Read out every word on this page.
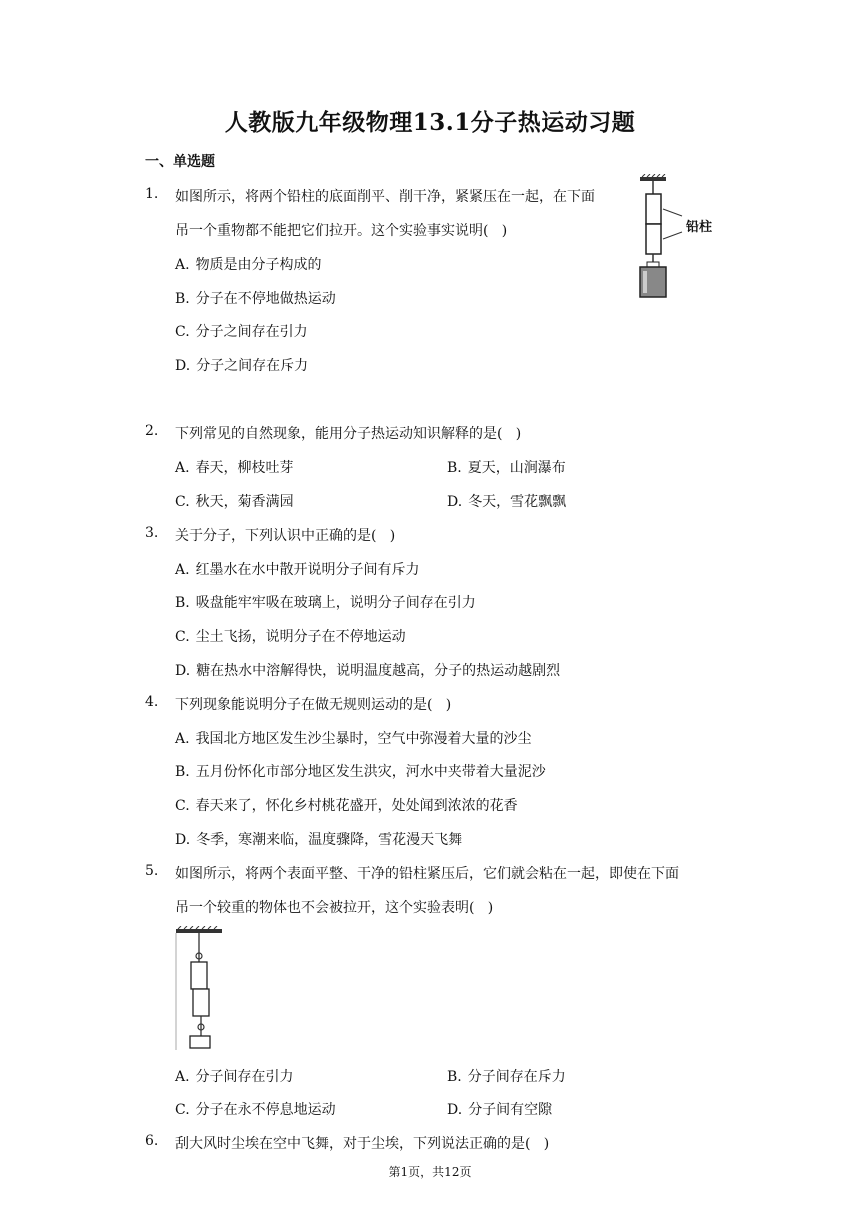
人教版九年级物理13.1分子热运动习题
一、单选题
1. 如图所示，将两个铅柱的底面削平、削干净，紧紧压在一起，在下面
吊一个重物都不能把它们拉开。这个实验事实说明(   )
A. 物质是由分子构成的
B. 分子在不停地做热运动
C. 分子之间存在引力
D. 分子之间存在斥力
铅柱
2. 下列常见的自然现象，能用分子热运动知识解释的是(   )
A. 春天，柳枝吐芽	B. 夏天，山涧瀑布
C. 秋天，菊香满园	D. 冬天，雪花飘飘
3. 关于分子，下列认识中正确的是(   )
A. 红墨水在水中散开说明分子间有斥力
B. 吸盘能牢牢吸在玻璃上，说明分子间存在引力
C. 尘土飞扬，说明分子在不停地运动
D. 糖在热水中溶解得快，说明温度越高，分子的热运动越剧烈
4. 下列现象能说明分子在做无规则运动的是(   )
A. 我国北方地区发生沙尘暴时，空气中弥漫着大量的沙尘
B. 五月份怀化市部分地区发生洪灾，河水中夹带着大量泥沙
C. 春天来了，怀化乡村桃花盛开，处处闻到浓浓的花香
D. 冬季，寒潮来临，温度骤降，雪花漫天飞舞
5. 如图所示，将两个表面平整、干净的铅柱紧压后，它们就会粘在一起，即使在下面
吊一个较重的物体也不会被拉开，这个实验表明(   )
A. 分子间存在引力	B. 分子间存在斥力
C. 分子在永不停息地运动	D. 分子间有空隙
6. 刮大风时尘埃在空中飞舞，对于尘埃，下列说法正确的是(   )
第1页，共12页
